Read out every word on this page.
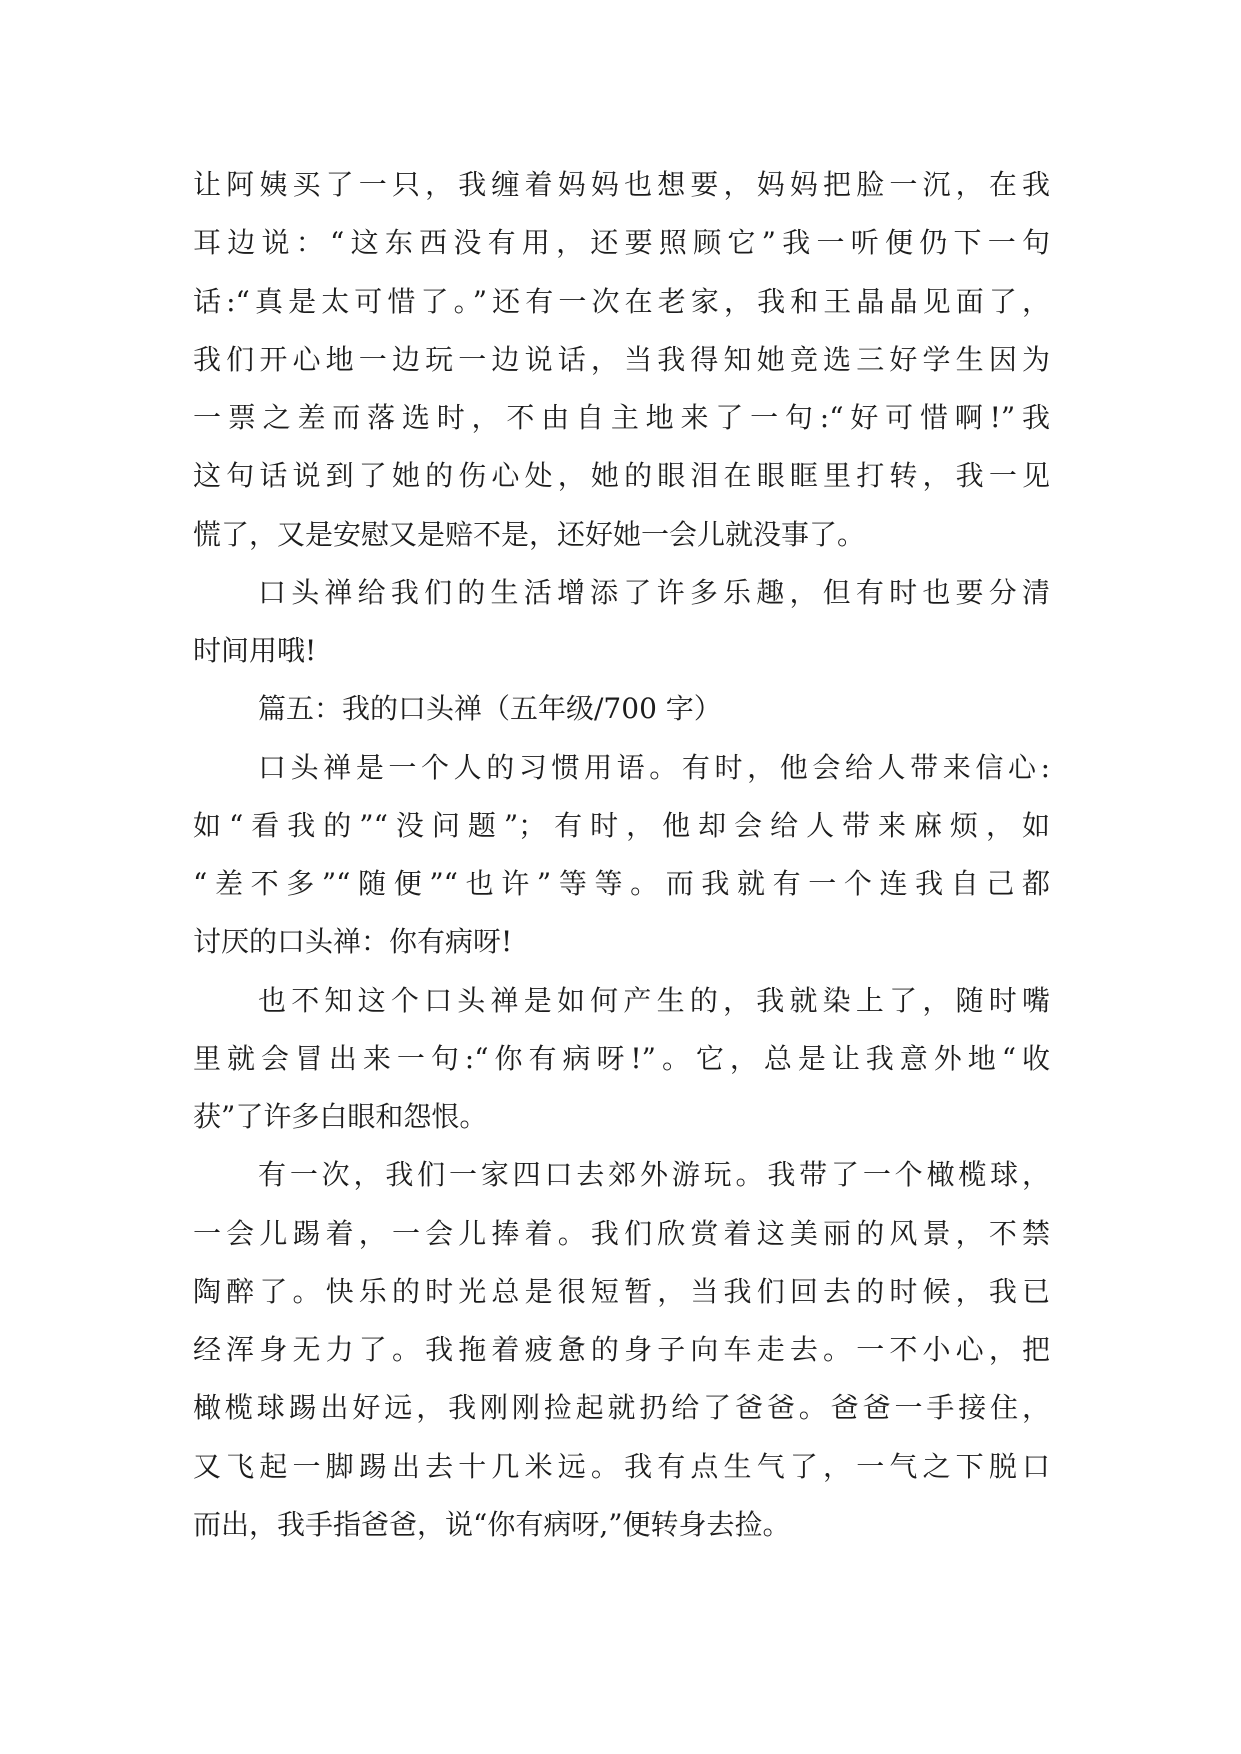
让阿姨买了一只，我缠着妈妈也想要，妈妈把脸一沉，在我
耳边说：“这东西没有用，还要照顾它”我一听便仍下一句
话:“真是太可惜了。”还有一次在老家，我和王晶晶见面了，
我们开心地一边玩一边说话，当我得知她竞选三好学生因为
一票之差而落选时，不由自主地来了一句:“好可惜啊!”我
这句话说到了她的伤心处，她的眼泪在眼眶里打转，我一见
慌了，又是安慰又是赔不是，还好她一会儿就没事了。
口头禅给我们的生活增添了许多乐趣，但有时也要分清
时间用哦!
篇五：我的口头禅（五年级/700 字）
口头禅是一个人的习惯用语。有时，他会给人带来信心:
如“看我的”“没问题”；有时，他却会给人带来麻烦，如
“差不多”“随便”“也许”等等。而我就有一个连我自己都
讨厌的口头禅：你有病呀!
也不知这个口头禅是如何产生的，我就染上了，随时嘴
里就会冒出来一句:“你有病呀!”。它，总是让我意外地“收
获”了许多白眼和怨恨。
有一次，我们一家四口去郊外游玩。我带了一个橄榄球，
一会儿踢着，一会儿捧着。我们欣赏着这美丽的风景，不禁
陶醉了。快乐的时光总是很短暂，当我们回去的时候，我已
经浑身无力了。我拖着疲惫的身子向车走去。一不小心，把
橄榄球踢出好远，我刚刚捡起就扔给了爸爸。爸爸一手接住，
又飞起一脚踢出去十几米远。我有点生气了，一气之下脱口
而出，我手指爸爸，说“你有病呀,”便转身去捡。
